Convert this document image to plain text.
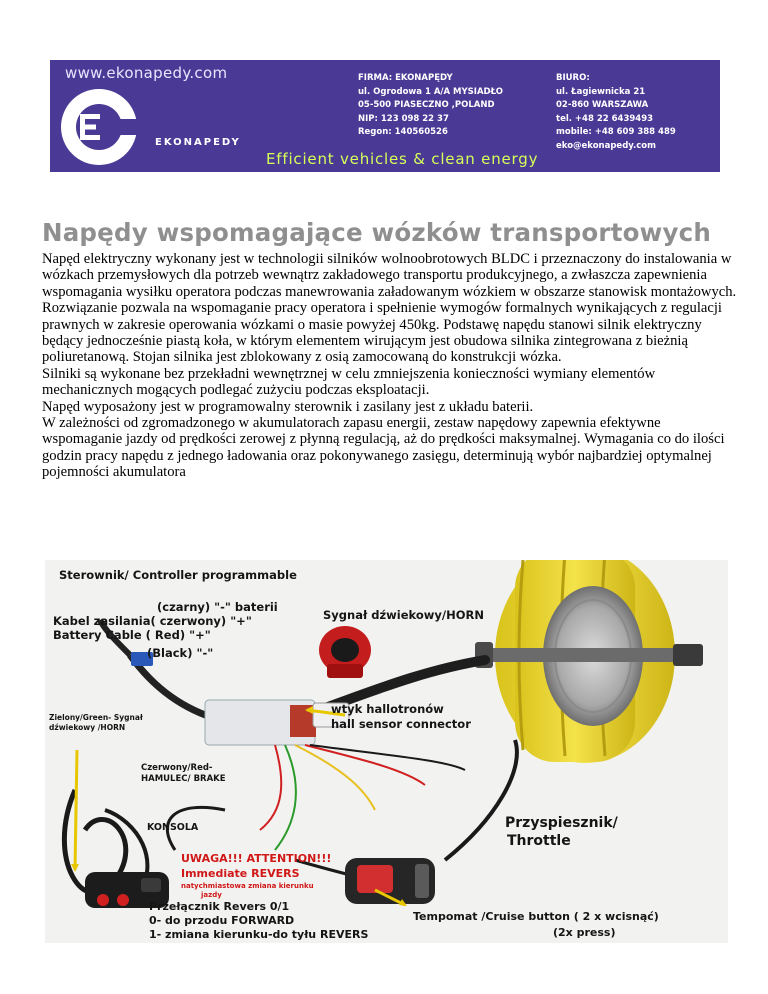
www.ekonapedy.com
EKONAPEDY
FIRMA: EKONAPĘDY
ul. Ogrodowa 1 A/A MYSIADŁO
05-500 PIASECZNO ,POLAND
NIP: 123 098 22 37
Regon: 140560526
BIURO:
ul. Łagiewnicka 21
02-860 WARSZAWA
tel. +48 22 6439493
mobile: +48 609 388 489
eko@ekonapedy.com
Efficient vehicles & clean energy
Napędy wspomagające wózków transportowych

Napęd elektryczny wykonany jest w technologii silników wolnoobrotowych BLDC i przeznaczony do instalowania w wózkach przemysłowych dla potrzeb wewnątrz zakładowego transportu produkcyjnego, a zwłaszcza zapewnienia wspomagania wysiłku operatora podczas manewrowania załadowanym wózkiem w obszarze stanowisk montażowych. Rozwiązanie pozwala na wspomaganie pracy operatora i spełnienie wymogów formalnych wynikających z regulacji prawnych w zakresie operowania wózkami o masie powyżej 450kg. Podstawę napędu stanowi silnik elektryczny będący jednocześnie piastą koła, w którym elementem wirującym jest obudowa silnika zintegrowana z bieżnią poliuretanową. Stojan silnika jest zblokowany z osią zamocowaną do konstrukcji wózka.

Silniki są wykonane bez przekładni wewnętrznej w celu zmniejszenia konieczności wymiany elementów mechanicznych mogących podlegać zużyciu podczas eksploatacji.

Napęd wyposażony jest w programowalny sterownik i zasilany jest z układu baterii.

W zależności od zgromadzonego w akumulatorach zapasu energii, zestaw napędowy zapewnia efektywne wspomaganie jazdy od prędkości zerowej z płynną regulacją, aż do prędkości maksymalnej. Wymagania co do ilości godzin pracy napędu z jednego ładowania oraz pokonywanego zasięgu, determinują wybór najbardziej optymalnej pojemności akumulatora

Sterownik/ Controller programmable
(czarny) "-" baterii
Kabel zasilania( czerwony) "+"
Battery Cable ( Red) "+"
(Black) "-"
Sygnał dźwiekowy/HORN
wtyk hallotronów
hall sensor connector
Zielony/Green- Sygnał
dźwiekowy /HORN
Czerwony/Red-
HAMULEC/ BRAKE
KONSOLA	Przyspiesznik/
Throttle
UWAGA!!! ATTENTION!!!
Immediate REVERS
natychmiastowa zmiana kierunku
jazdy
Przełącznik Revers 0/1
0- do przodu FORWARD
1- zmiana kierunku-do tyłu REVERS
Tempomat /Cruise button ( 2 x wcisnąć)
(2x press)
